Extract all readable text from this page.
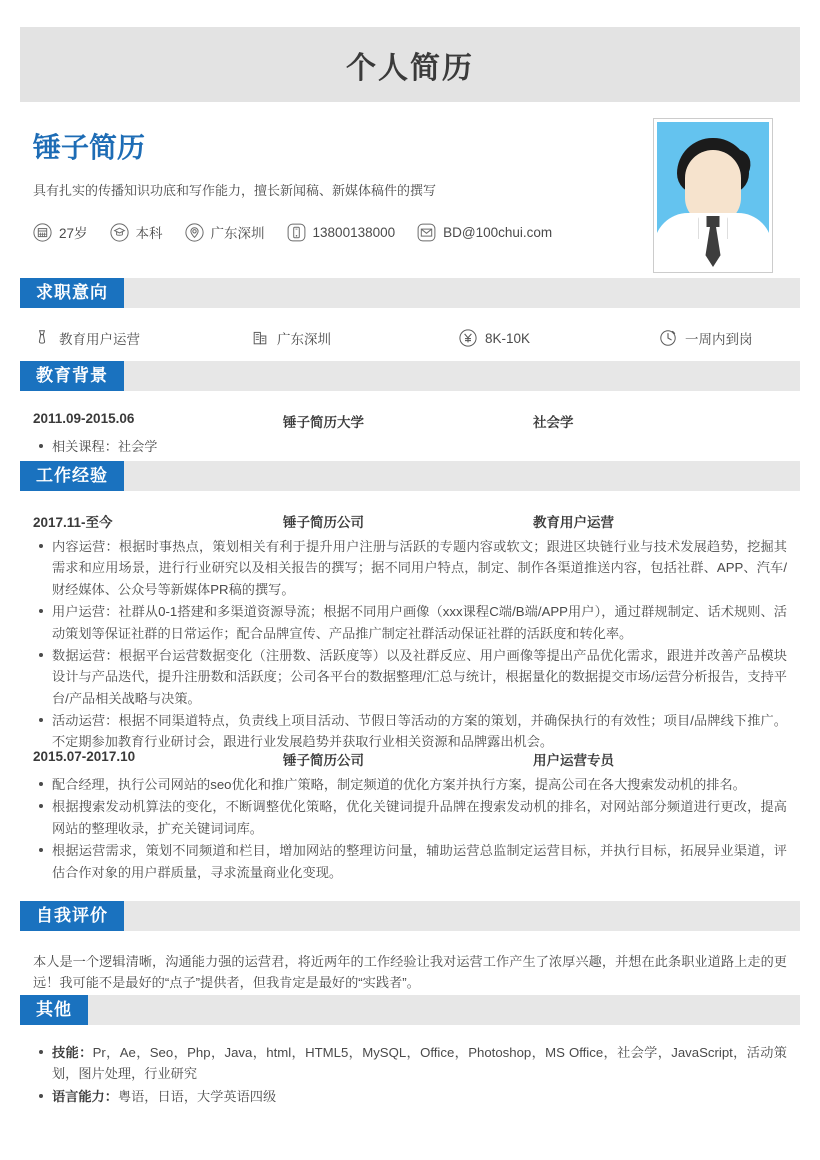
个人简历
锤子简历
具有扎实的传播知识功底和写作能力，擅长新闻稿、新媒体稿件的撰写
27岁	本科	广东深圳	13800138000	BD@100chui.com
求职意向
教育用户运营	广东深圳	8K-10K	一周内到岗
教育背景
2011.09-2015.06	锤子简历大学	社会学
相关课程：社会学
工作经验
2017.11-至今	锤子简历公司	教育用户运营
内容运营：根据时事热点，策划相关有利于提升用户注册与活跃的专题内容或软文；跟进区块链行业与技术发展趋势，挖掘其需求和应用场景，进行行业研究以及相关报告的撰写；据不同用户特点，制定、制作各渠道推送内容，包括社群、APP、汽车/财经媒体、公众号等新媒体PR稿的撰写。
用户运营：社群从0-1搭建和多渠道资源导流；根据不同用户画像（xxx课程C端/B端/APP用户），通过群规制定、话术规则、活动策划等保证社群的日常运作；配合品牌宣传、产品推广制定社群活动保证社群的活跃度和转化率。
数据运营：根据平台运营数据变化（注册数、活跃度等）以及社群反应、用户画像等提出产品优化需求，跟进并改善产品模块设计与产品迭代，提升注册数和活跃度；公司各平台的数据整理/汇总与统计，根据量化的数据提交市场/运营分析报告，支持平台/产品相关战略与决策。
活动运营：根据不同渠道特点，负责线上项目活动、节假日等活动的方案的策划，并确保执行的有效性；项目/品牌线下推广。不定期参加教育行业研讨会，跟进行业发展趋势并获取行业相关资源和品牌露出机会。
2015.07-2017.10	锤子简历公司	用户运营专员
配合经理，执行公司网站的seo优化和推广策略，制定频道的优化方案并执行方案，提高公司在各大搜索发动机的排名。
根据搜索发动机算法的变化，不断调整优化策略，优化关键词提升品牌在搜索发动机的排名，对网站部分频道进行更改，提高网站的整理收录，扩充关键词词库。
根据运营需求，策划不同频道和栏目，增加网站的整理访问量，辅助运营总监制定运营目标，并执行目标，拓展异业渠道，评估合作对象的用户群质量，寻求流量商业化变现。
自我评价
本人是一个逻辑清晰，沟通能力强的运营君，将近两年的工作经验让我对运营工作产生了浓厚兴趣，并想在此条职业道路上走的更远！我可能不是最好的“点子”提供者，但我肯定是最好的“实践者”。
其他
技能：Pr，Ae，Seo，Php，Java，html，HTML5，MySQL，Office，Photoshop，MS Office，社会学，JavaScript，活动策划，图片处理，行业研究
语言能力：粤语，日语，大学英语四级
